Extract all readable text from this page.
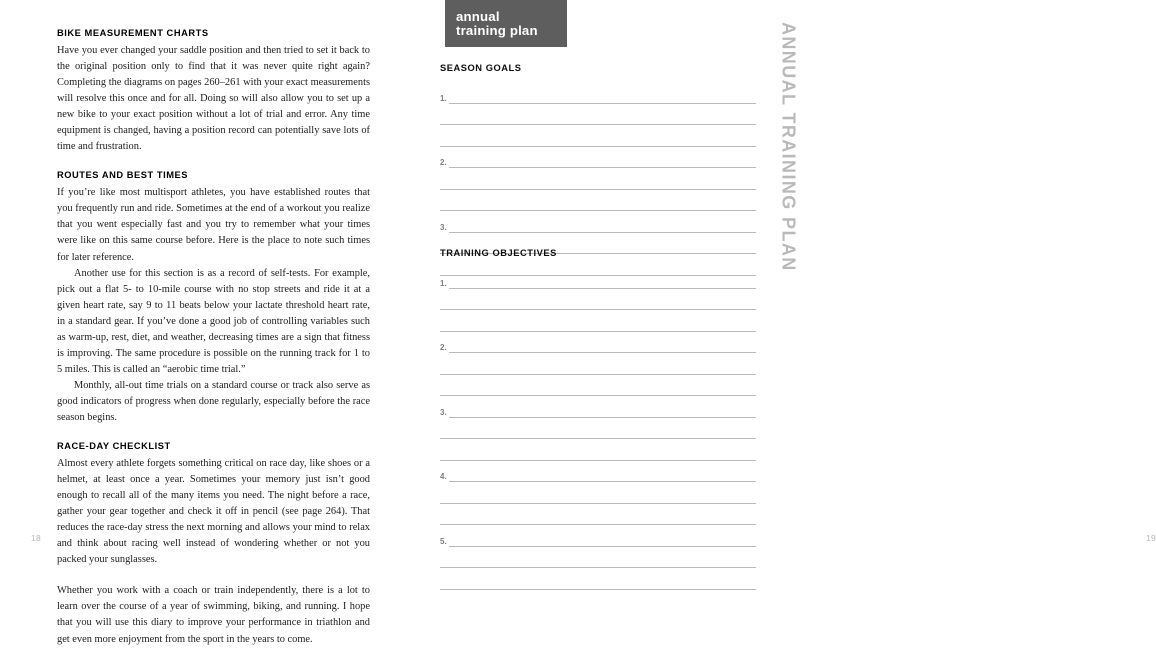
BIKE MEASUREMENT CHARTS

Have you ever changed your saddle position and then tried to set it back to the original position only to find that it was never quite right again? Completing the diagrams on pages 260–261 with your exact measurements will resolve this once and for all. Doing so will also allow you to set up a new bike to your exact position without a lot of trial and error. Any time equipment is changed, having a position record can potentially save lots of time and frustration.

ROUTES AND BEST TIMES

If you’re like most multisport athletes, you have established routes that you frequently run and ride. Sometimes at the end of a workout you realize that you went especially fast and you try to remember what your times were like on this same course before. Here is the place to note such times for later reference.

Another use for this section is as a record of self-tests. For example, pick out a flat 5- to 10-mile course with no stop streets and ride it at a given heart rate, say 9 to 11 beats below your lactate threshold heart rate, in a standard gear. If you’ve done a good job of controlling variables such as warm-up, rest, diet, and weather, decreasing times are a sign that fitness is improving. The same procedure is possible on the running track for 1 to 5 miles. This is called an “aerobic time trial.”

Monthly, all-out time trials on a standard course or track also serve as good indicators of progress when done regularly, especially before the race season begins.

RACE-DAY CHECKLIST

Almost every athlete forgets something critical on race day, like shoes or a helmet, at least once a year. Sometimes your memory just isn’t good enough to recall all of the many items you need. The night before a race, gather your gear together and check it off in pencil (see page 264). That reduces the race-day stress the next morning and allows your mind to relax and think about racing well instead of wondering whether or not you packed your sunglasses.

Whether you work with a coach or train independently, there is a lot to learn over the course of a year of swimming, biking, and running. I hope that you will use this diary to improve your performance in triathlon and get even more enjoyment from the sport in the years to come.

18
annual
training plan
SEASON GOALS
1.
2.
3.
TRAINING OBJECTIVES
1.
2.
3.
4.
5.	19
ANNUAL TRAINING PLAN
